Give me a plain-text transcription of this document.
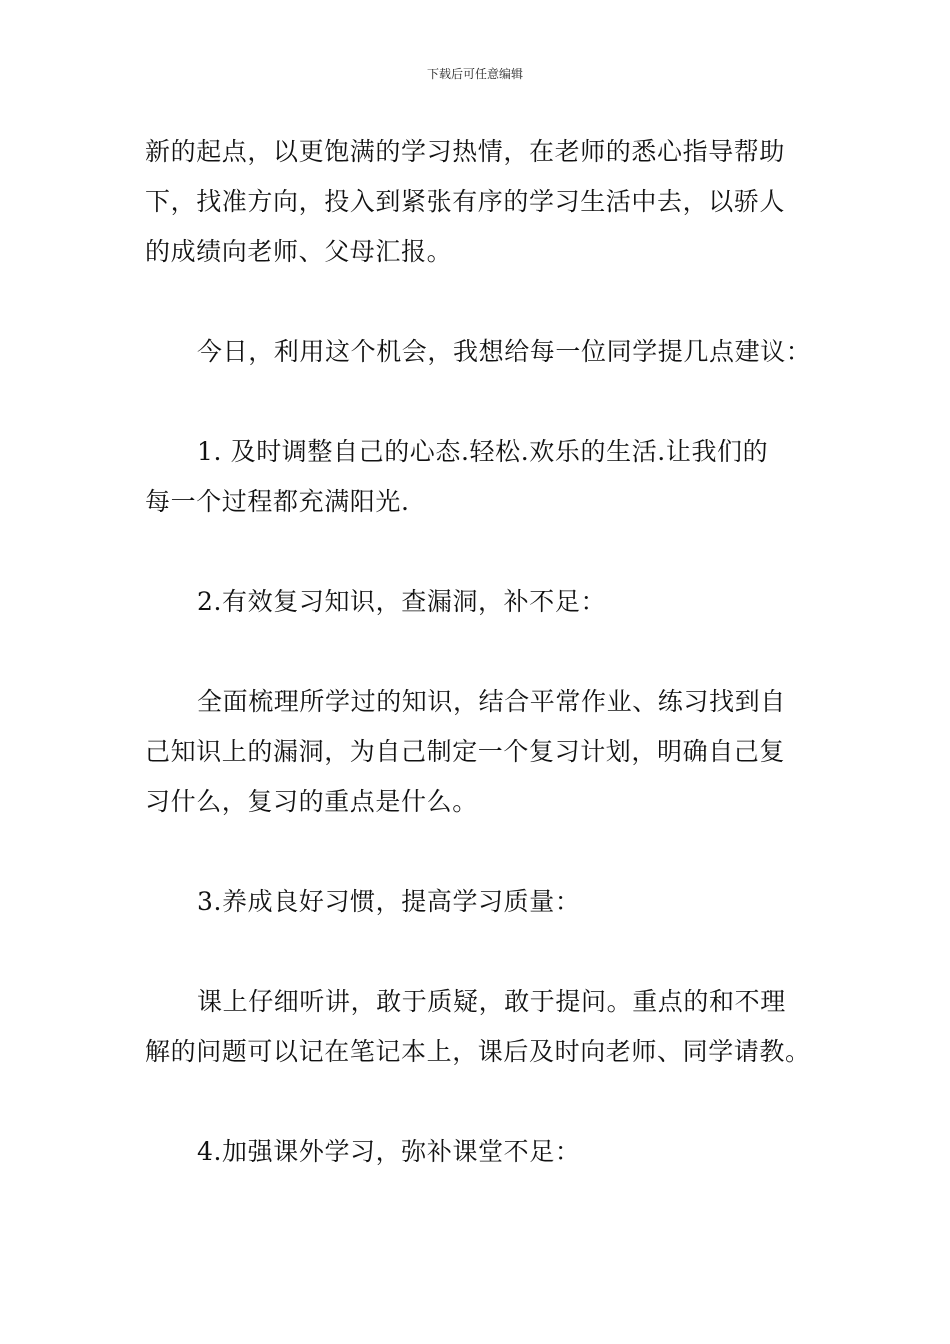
下载后可任意编辑

新的起点，以更饱满的学习热情，在老师的悉心指导帮助
下，找准方向，投入到紧张有序的学习生活中去，以骄人
的成绩向老师、父母汇报。

今日，利用这个机会，我想给每一位同学提几点建议：

1. 及时调整自己的心态.轻松.欢乐的生活.让我们的
每一个过程都充满阳光.

2.有效复习知识，查漏洞，补不足：

全面梳理所学过的知识，结合平常作业、练习找到自
己知识上的漏洞，为自己制定一个复习计划，明确自己复
习什么，复习的重点是什么。

3.养成良好习惯，提高学习质量：

课上仔细听讲，敢于质疑，敢于提问。重点的和不理
解的问题可以记在笔记本上，课后及时向老师、同学请教。

4.加强课外学习，弥补课堂不足：
